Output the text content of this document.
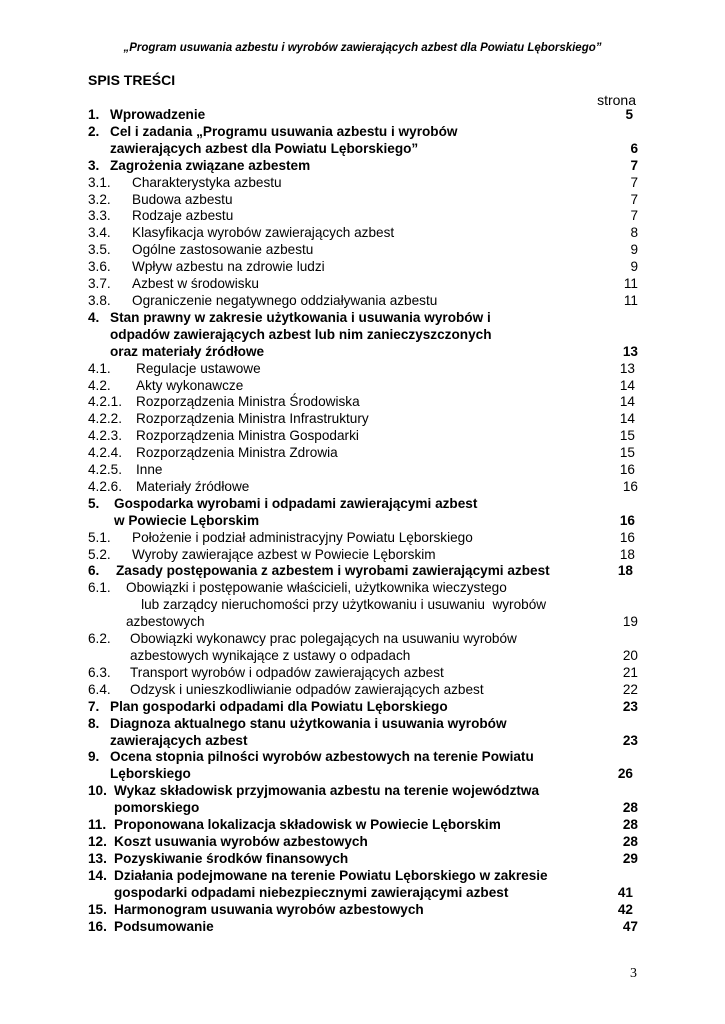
„Program usuwania azbestu i wyrobów zawierających azbest dla Powiatu Lęborskiego”
SPIS TREŚCI
strona
1. Wprowadzenie	5
2. Cel i zadania „Programu usuwania azbestu i wyrobów
zawierających azbest dla Powiatu Lęborskiego”	6
3. Zagrożenia związane azbestem	7
3.1. Charakterystyka azbestu	7
3.2. Budowa azbestu	7
3.3. Rodzaje azbestu	7
3.4. Klasyfikacja wyrobów zawierających azbest	8
3.5. Ogólne zastosowanie azbestu	9
3.6. Wpływ azbestu na zdrowie ludzi	9
3.7. Azbest w środowisku	11
3.8. Ograniczenie negatywnego oddziaływania azbestu	11
4. Stan prawny w zakresie użytkowania i usuwania wyrobów i
odpadów zawierających azbest lub nim zanieczyszczonych
oraz materiały źródłowe	13
4.1. Regulacje ustawowe	13
4.2. Akty wykonawcze	14
4.2.1. Rozporządzenia Ministra Środowiska	14
4.2.2. Rozporządzenia Ministra Infrastruktury	14
4.2.3. Rozporządzenia Ministra Gospodarki	15
4.2.4. Rozporządzenia Ministra Zdrowia	15
4.2.5. Inne	16
4.2.6. Materiały źródłowe	16
5. Gospodarka wyrobami i odpadami zawierającymi azbest
w Powiecie Lęborskim	16
5.1. Położenie i podział administracyjny Powiatu Lęborskiego	16
5.2. Wyroby zawierające azbest w Powiecie Lęborskim	18
6. Zasady postępowania z azbestem i wyrobami zawierającymi azbest	18
6.1. Obowiązki i postępowanie właścicieli, użytkownika wieczystego
lub zarządcy nieruchomości przy użytkowaniu i usuwaniu  wyrobów
azbestowych	19
6.2. Obowiązki wykonawcy prac polegających na usuwaniu wyrobów
azbestowych wynikające z ustawy o odpadach	20
6.3. Transport wyrobów i odpadów zawierających azbest	21
6.4. Odzysk i unieszkodliwianie odpadów zawierających azbest	22
7. Plan gospodarki odpadami dla Powiatu Lęborskiego	23
8. Diagnoza aktualnego stanu użytkowania i usuwania wyrobów
zawierających azbest	23
9. Ocena stopnia pilności wyrobów azbestowych na terenie Powiatu
Lęborskiego	26
10. Wykaz składowisk przyjmowania azbestu na terenie województwa
pomorskiego	28
11. Proponowana lokalizacja składowisk w Powiecie Lęborskim	28
12. Koszt usuwania wyrobów azbestowych	28
13. Pozyskiwanie środków finansowych	29
14. Działania podejmowane na terenie Powiatu Lęborskiego w zakresie
gospodarki odpadami niebezpiecznymi zawierającymi azbest	41
15. Harmonogram usuwania wyrobów azbestowych	42
16. Podsumowanie	47
3
